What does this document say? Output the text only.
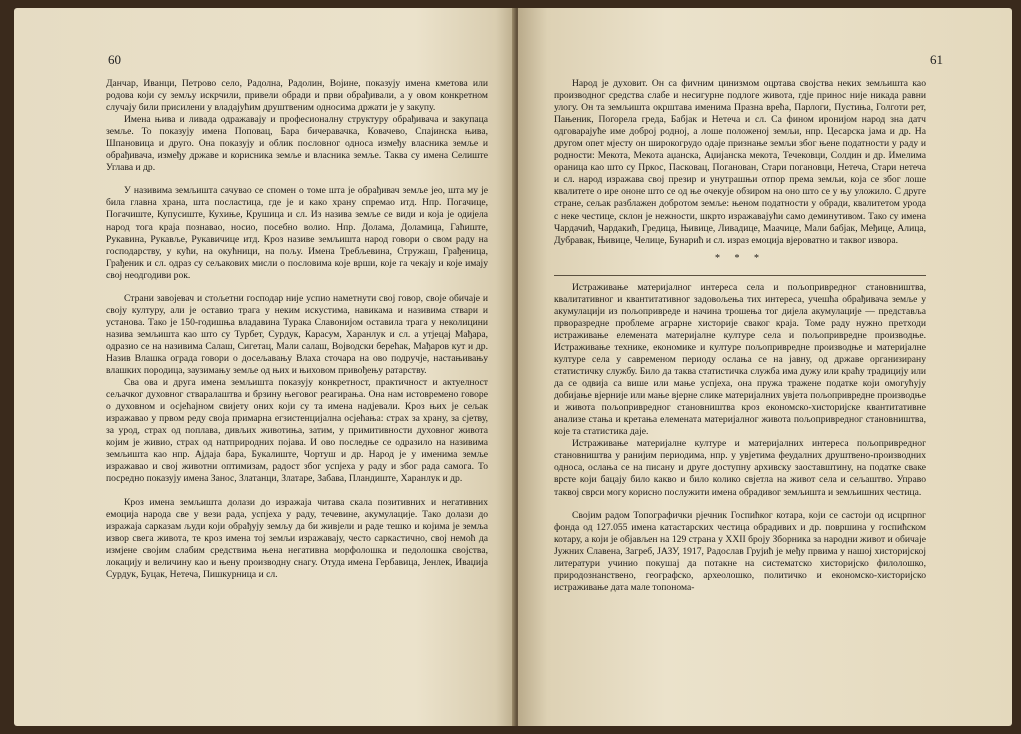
60

Данчар, Иванци, Петрово село, Радолна, Радолин, Војине, показују имена кметова или родова који су земљу искрчили, привели обради и први обрађивали, а у овом конкретном случају били присилени у владајућим друштвеним односима држати је у закупу.

Имена њива и ливада одражавају и професионалну структуру обрађивача и закупаца земље. То показују имена Поповац, Бара бичеравачка, Ковачево, Спајинска њива, Шпановица и друго. Она показују и облик пословног односа између власника земље и обрађивача, између државе и корисника земље и власника земље. Таква су имена Селиште Углава и др.

У називима земљишта сачувао се спомен о томе шта је обрађивач земље јео, шта му је била главна храна, шта посластица, где је и како храну спремао итд. Нпр. Погачице, Погачиште, Купусиште, Кухиње, Крушица и сл. Из назива земље се види и која је одијела народ тога краја познавао, носио, посебно волио. Нпр. Долама, Доламица, Гаћиште, Рукавина, Рукавље, Рукавичице итд. Кроз називе земљишта народ говори о свом раду на господарству, у кући, на окућници, на пољу. Имена Требљевина, Стружаш, Грађеница, Грађеник и сл. одраз су сељакових мисли о пословима које врши, које га чекају и које имају свој неодгодиви рок.

Страни завојевач и стољетни господар није успио наметнути свој говор, своје обичаје и своју културу, али је оставио трага у неким искустима, навикама и називима ствари и установа. Тако је 150-годишња владавина Турака Славонијом оставила трага у неколицини назива земљишта као што су Турбет, Сурдук, Карасум, Харанлук и сл. а утјецај Мађара, одразио се на називима Салаш, Сигетац, Мали салаш, Војводски берећак, Мађаров кут и др. Назив Влашка ограда говори о досељавању Влаха сточара на ово подручје, настањивању влашких породица, заузимању земље од њих и њиховом привођењу ратарству.

Сва ова и друга имена земљишта показују конкретност, практичност и актуелност сељачког духовног стваралаштва и брзину његовог реагирања. Она нам истовремено говоре о духовном и осјећајном свијету оних који су та имена надјевали. Кроз њих је сељак изражавао у првом реду своја примарна егзистенцијална осјећања: страх за храну, за сјетву, за урод, страх од поплава, дивљих животиња, затим, у примитивности духовног живота којим је живио, страх од натприродних појава. И ово последње се одразило на називима земљишта као нпр. Ајдаја бара, Букалиште, Чортуш и др. Народ је у именима земље изражавао и свој животни оптимизам, радост због успјеха у раду и због рада самога. То посредно показују имена Занос, Златанци, Златаре, Забава, Пландиште, Харанлук и др.

Кроз имена земљишта долази до изражаја читава скала позитивних и негативних емоција народа све у вези рада, успјеха у раду, течевине, акумулације. Тако долази до изражаја сарказам људи који обрађују земљу да би живјели и раде тешко и којима је земља извор свега живота, те кроз имена тој земљи изражавају, често саркастично, свој немоћ да измјене својим слабим средствима њена негативна морфолошка и педолошка својства, локацију и величину као и њену производну снагу. Отуда имена Гербавица, Јенлек, Иваџија Сурдук, Буцак, Нетеча, Пишкурница и сл.

61

Народ је духовит. Он са фиvним цинизмом оцртава својства неких земљишта као производног средства слабе и несигурне подлоге живота, гдје принос није никада равни улогу. Он та земљишта окрштава именима Празна врећа, Парлоги, Пустиња, Голготи рет, Пањеник, Погорела греда, Бабјак и Нетеча и сл. Са фином иронијом народ зна датч одговарајуће име доброј родној, а лоше положеној земљи, нпр. Цесарска јама и др. На другом опет мјесту он широкогрудо одаје признање земљи због њене податности у раду и родности: Мекота, Мекота аџанска, Аџијанска мекота, Течековци, Солдин и др. Имелима ораница као што су Пркос, Пасковац, Поганован, Стари погановци, Нетеча, Стари нетеча и сл. народ изражава свој презир и унутрашњи отпор према земљи, која се због лоше квалитете о ире ононе што се од ње очекује обзиром на оно што се у њу уложило. С друге стране, сељак разблажен добротом земље: њеном податности у обради, квалитетом урода с неке честице, склон је нежности, шкрто изражавајући само деминутивом. Тако су имена Чардачић, Чардакић, Гредица, Њивице, Ливадице, Маачице, Мали бабјак, Међице, Алица, Дубравак, Њивице, Челице, Бунарић и сл. израз емоција вјероватно и таквог извора.

* * *

Истраживање материјалног интереса села и пољопривредног становништва, квалитативног и квантитативног задовољења тих интереса, учешћа обрађивача земље у акумулацији из пољопривреде и начина трошења тог дијела акумулације — представља прворазредне проблеме аграрне хисторије сваког краја. Томе раду нужно претходи истраживање елемената материјалне културе села и пољопривредне производње. Истраживање технике, економике и културе пољопривредне производње и материјалне културе села у савременом периоду ослања се на јавну, од државе организирану статистичку службу. Било да таква статистичка служба има дужу или краћу традицију или да се одвија са више или мање успјеха, она пружа тражене податке који омогућују добијање вјерније или мање вјерне слике материјалних увјета пољопривредне производње и живота пољопривредног становништва кроз економско-хисторијске квантитативне анализе стања и кретања елемената материјалног живота пољопривредног становништва, које та статистика даје.

Истраживање материјалне културе и материјалних интереса пољопривредног становништва у ранијим периодима, нпр. у увјетима феудалних друштвено-производних односа, ослања се на писану и друге доступну архивску заоставштину, на податке сваке врсте који бацају било какво и било колико свјетла на живот села и сељаштво. Управо таквој сврси могу корисно послужити имена обрадивог земљишта и земљишних честица.

Својим радом Топографички рјечник Госпићког котара, који се састоји од исцрпног фонда од 127.055 имена катастарских честица обрадивих и др. површина у госпићском котару, а који је објављен на 129 страна у XXII броју Зборника за народни живот и обичаје Јужних Славена, Загреб, ЈАЗУ, 1917, Радослав Грујић је међу првима у нашој хисторијској литератури учинио покушај да потакне на систематско хисторијско филолошко, природознанствено, географско, археолошко, политичко и економско-хисторијско истраживање дата мале топонома-
